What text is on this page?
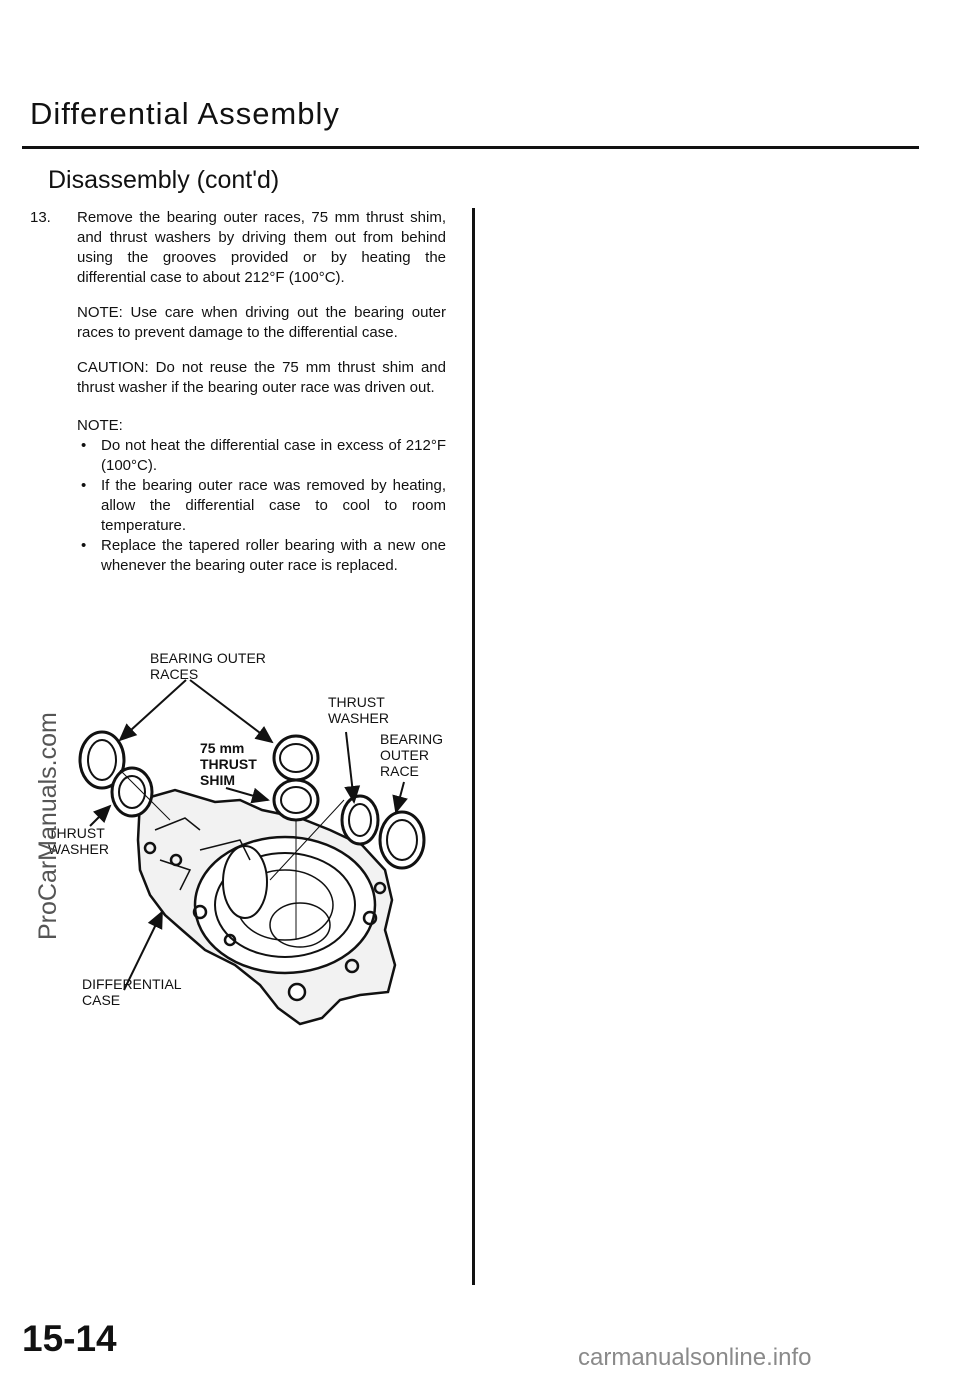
Differential Assembly
Disassembly (cont'd)
13.	Remove the bearing outer races, 75 mm thrust shim, and thrust washers by driving them out from behind using the grooves provided or by heating the differential case to about 212°F (100°C).
NOTE: Use care when driving out the bearing outer races to prevent damage to the differential case.
CAUTION: Do not reuse the 75 mm thrust shim and thrust washer if the bearing outer race was driven out.
NOTE:
• Do not heat the differential case in excess of 212°F (100°C).
• If the bearing outer race was removed by heating, allow the differential case to cool to room temperature.
• Replace the tapered roller bearing with a new one whenever the bearing outer race is replaced.
BEARING OUTER
RACES
THRUST
WASHER
BEARING
OUTER
RACE
75 mm
THRUST
SHIM
THRUST
WASHER
DIFFERENTIAL
CASE
ProCarManuals.com
15-14	carmanualsonline.info
